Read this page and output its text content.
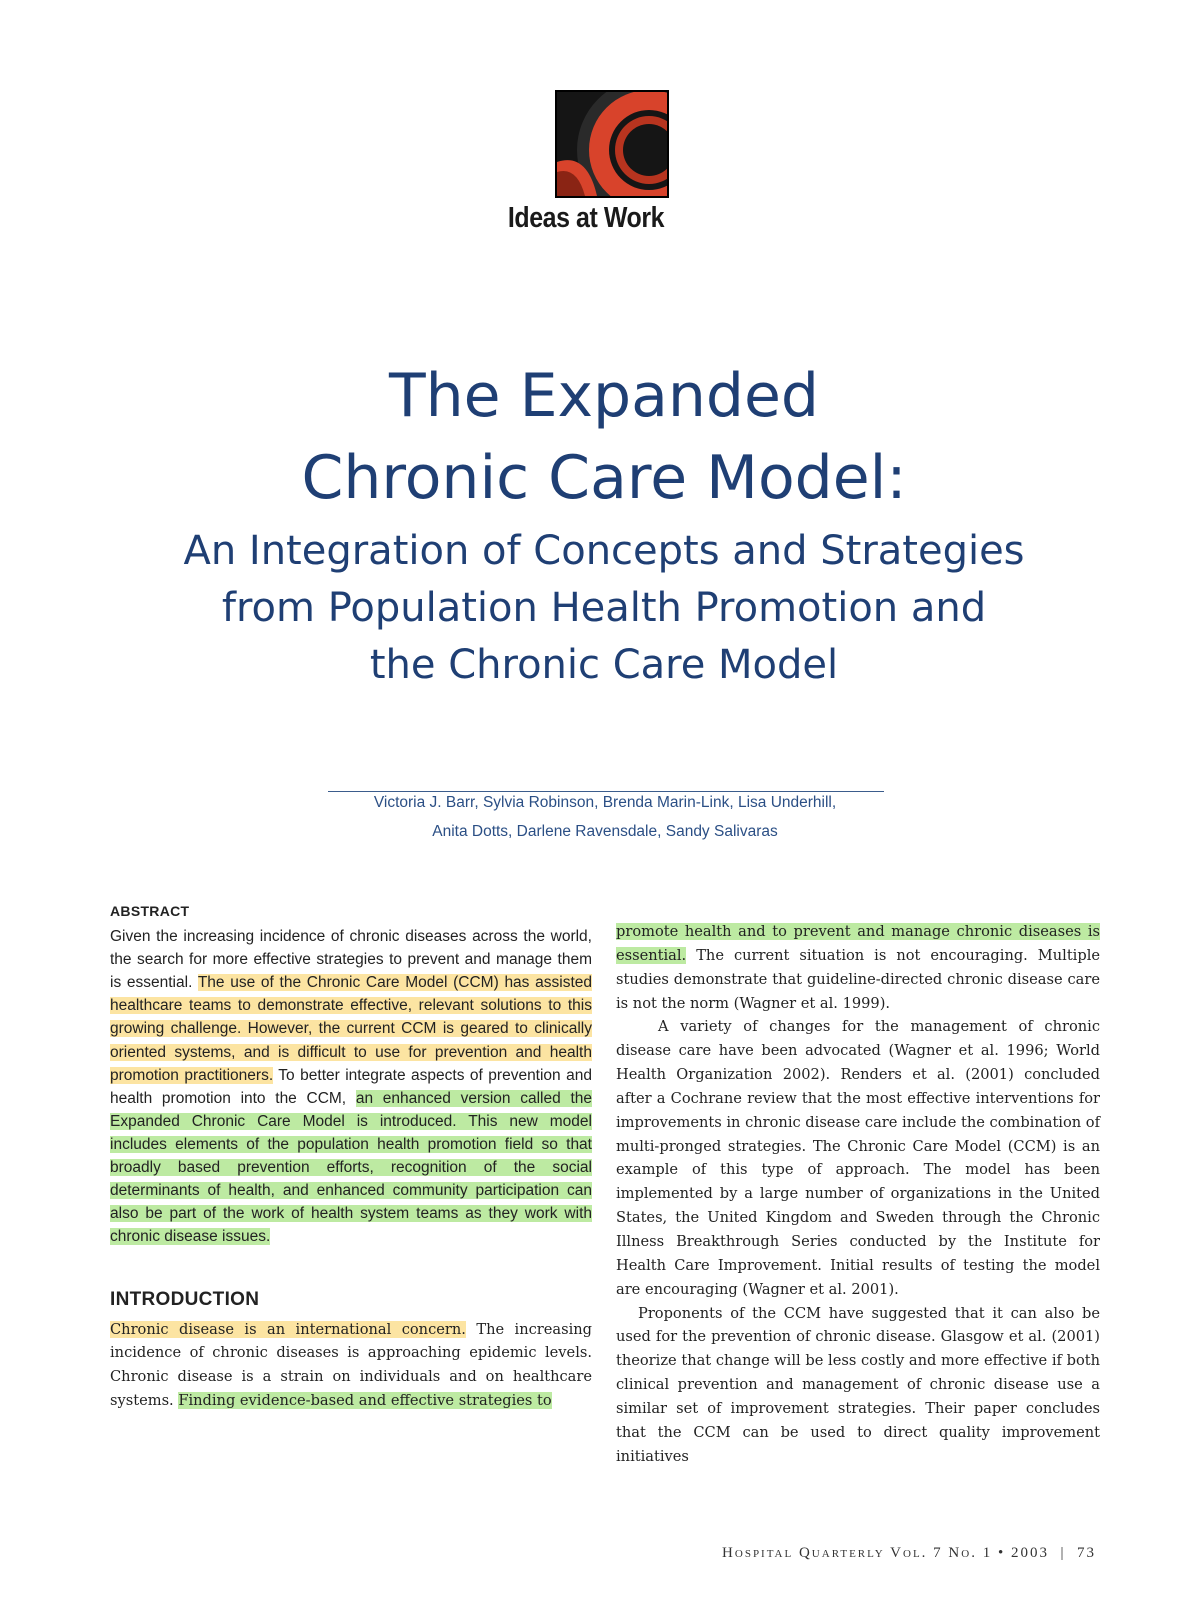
Ideas at Work
The Expanded
Chronic Care Model:
An Integration of Concepts and Strategies
from Population Health Promotion and
the Chronic Care Model
Victoria J. Barr, Sylvia Robinson, Brenda Marin-Link, Lisa Underhill,
Anita Dotts, Darlene Ravensdale, Sandy Salivaras
ABSTRACT

Given the increasing incidence of chronic diseases across the world, the search for more effective strategies to prevent and manage them is essential. The use of the Chronic Care Model (CCM) has assisted healthcare teams to demonstrate effective, relevant solutions to this growing challenge. However, the current CCM is geared to clinically oriented systems, and is difficult to use for prevention and health promotion practitioners. To better integrate aspects of prevention and health promotion into the CCM, an enhanced version called the Expanded Chronic Care Model is introduced. This new model includes elements of the population health promotion field so that broadly based prevention efforts, recognition of the social determinants of health, and enhanced community participation can also be part of the work of health system teams as they work with chronic disease issues.

INTRODUCTION

Chronic disease is an international concern. The increasing incidence of chronic diseases is approaching epidemic levels. Chronic disease is a strain on individuals and on healthcare systems. Finding evidence-based and effective strategies to

promote health and to prevent and manage chronic diseases is essential. The current situation is not encouraging. Multiple studies demonstrate that guideline-directed chronic disease care is not the norm (Wagner et al. 1999).

A variety of changes for the management of chronic disease care have been advocated (Wagner et al. 1996; World Health Organization 2002). Renders et al. (2001) concluded after a Cochrane review that the most effective interventions for improvements in chronic disease care include the combination of multi-pronged strategies. The Chronic Care Model (CCM) is an example of this type of approach. The model has been implemented by a large number of organizations in the United States, the United Kingdom and Sweden through the Chronic Illness Breakthrough Series conducted by the Institute for Health Care Improvement. Initial results of testing the model are encouraging (Wagner et al. 2001).

Proponents of the CCM have suggested that it can also be used for the prevention of chronic disease. Glasgow et al. (2001) theorize that change will be less costly and more effective if both clinical prevention and management of chronic disease use a similar set of improvement strategies. Their paper concludes that the CCM can be used to direct quality improvement initiatives

Hospital Quarterly Vol. 7 No. 1 • 2003 | 73
